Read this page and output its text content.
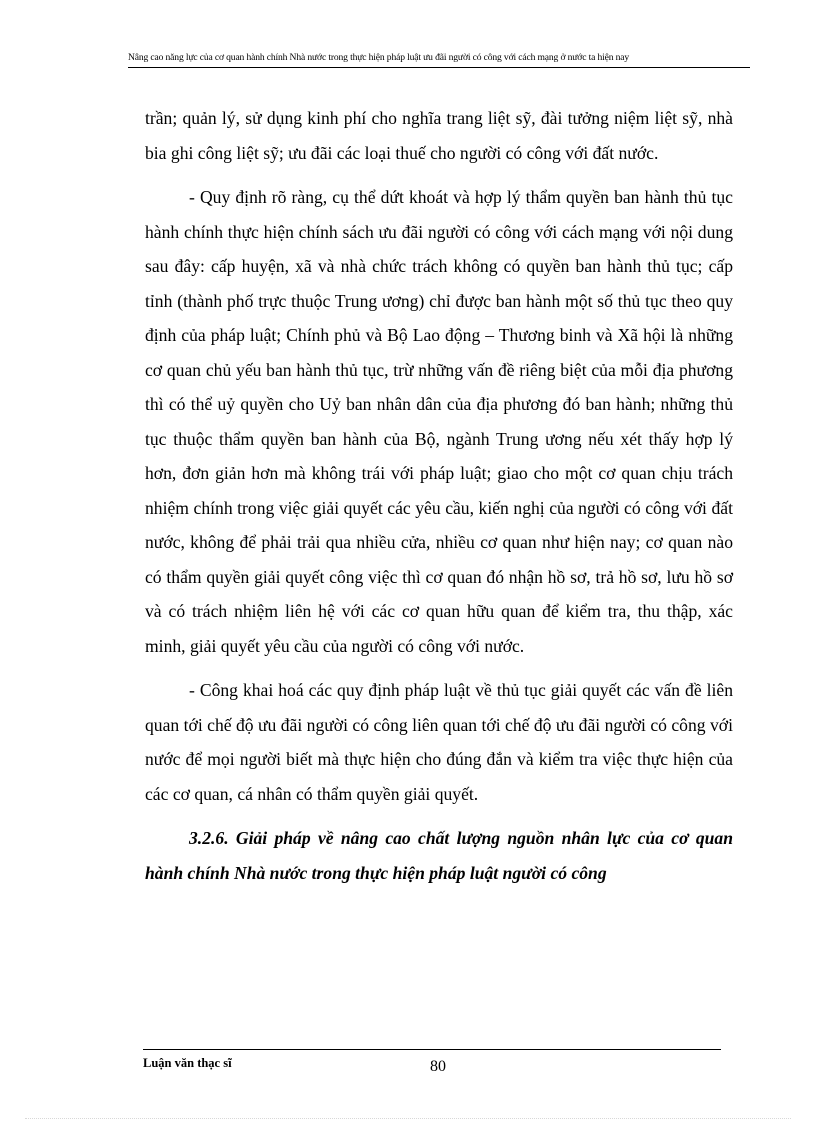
Nâng cao năng lực của cơ quan hành chính Nhà nước trong thực hiện pháp luật ưu đãi người có công với cách mạng ở nước ta hiện nay

trần; quản lý, sử dụng kinh phí cho nghĩa trang liệt sỹ, đài tưởng niệm liệt sỹ, nhà bia ghi công liệt sỹ; ưu đãi các loại thuế cho người có công với đất nước.

- Quy định rõ ràng, cụ thể dứt khoát và hợp lý thẩm quyền ban hành thủ tục hành chính thực hiện chính sách ưu đãi người có công với cách mạng với nội dung sau đây: cấp huyện, xã và nhà chức trách không có quyền ban hành thủ tục; cấp tỉnh (thành phố trực thuộc Trung ương) chỉ được ban hành một số thủ tục theo quy định của pháp luật; Chính phủ và Bộ Lao động – Thương binh và Xã hội là những cơ quan chủ yếu ban hành thủ tục, trừ những vấn đề riêng biệt của mỗi địa phương thì có thể uỷ quyền cho Uỷ ban nhân dân của địa phương đó ban hành; những thủ tục thuộc thẩm quyền ban hành của Bộ, ngành Trung ương nếu xét thấy hợp lý hơn, đơn giản hơn mà không trái với pháp luật; giao cho một cơ quan chịu trách nhiệm chính trong việc giải quyết các yêu cầu, kiến nghị của người có công với đất nước, không để phải trải qua nhiều cửa, nhiều cơ quan như hiện nay; cơ quan nào có thẩm quyền giải quyết công việc thì cơ quan đó nhận hồ sơ, trả hồ sơ, lưu hồ sơ và có trách nhiệm liên hệ với các cơ quan hữu quan để kiểm tra, thu thập, xác minh, giải quyết yêu cầu của người có công với nước.

- Công khai hoá các quy định pháp luật về thủ tục giải quyết các vấn đề liên quan tới chế độ ưu đãi người có công liên quan tới chế độ ưu đãi người có công với nước để mọi người biết mà thực hiện cho đúng đắn và kiểm tra việc thực hiện của các cơ quan, cá nhân có thẩm quyền giải quyết.

3.2.6. Giải pháp về nâng cao chất lượng nguồn nhân lực của cơ quan hành chính Nhà nước trong thực hiện pháp luật người có công

Luận văn thạc sĩ	80
